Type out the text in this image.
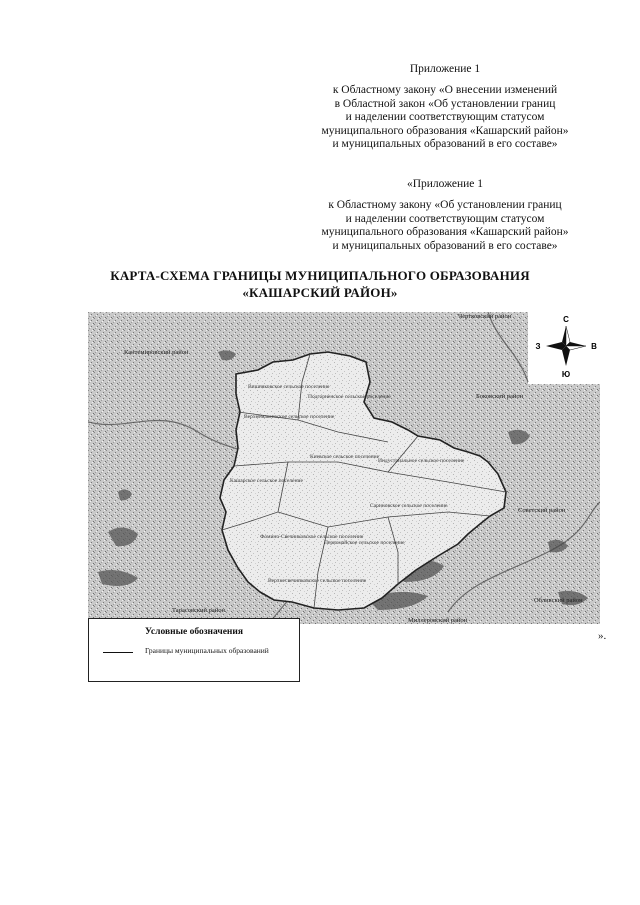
Приложение 1
к Областному закону «О внесении изменений
в Областной закон «Об установлении границ
и наделении соответствующим статусом
муниципального образования «Кашарский район»
и муниципальных образований в его составе»
«Приложение 1
к Областному закону «Об установлении границ
и наделении соответствующим статусом
муниципального образования «Кашарский район»
и муниципальных образований в его составе»
КАРТА-СХЕМА ГРАНИЦЫ МУНИЦИПАЛЬНОГО ОБРАЗОВАНИЯ
«КАШАРСКИЙ РАЙОН»
Кантемировский район
Чертковский район
Боковский район
Советский район
Тарасовский район
Миллеровский район
Обливский район
Вишняковское сельское поселение
Верхнемакеевское сельское поселение
Подгорненское сельское поселение
Киевское сельское поселение
Индустриальное сельское поселение
Кашарское сельское поселение
Сариновское сельское поселение
Первомайское сельское поселение
Фомино-Свечниковское сельское поселение
Верхнесвечниковское сельское поселение
С
Ю
З	В
Условные обозначения
Границы муниципальных образований
».
